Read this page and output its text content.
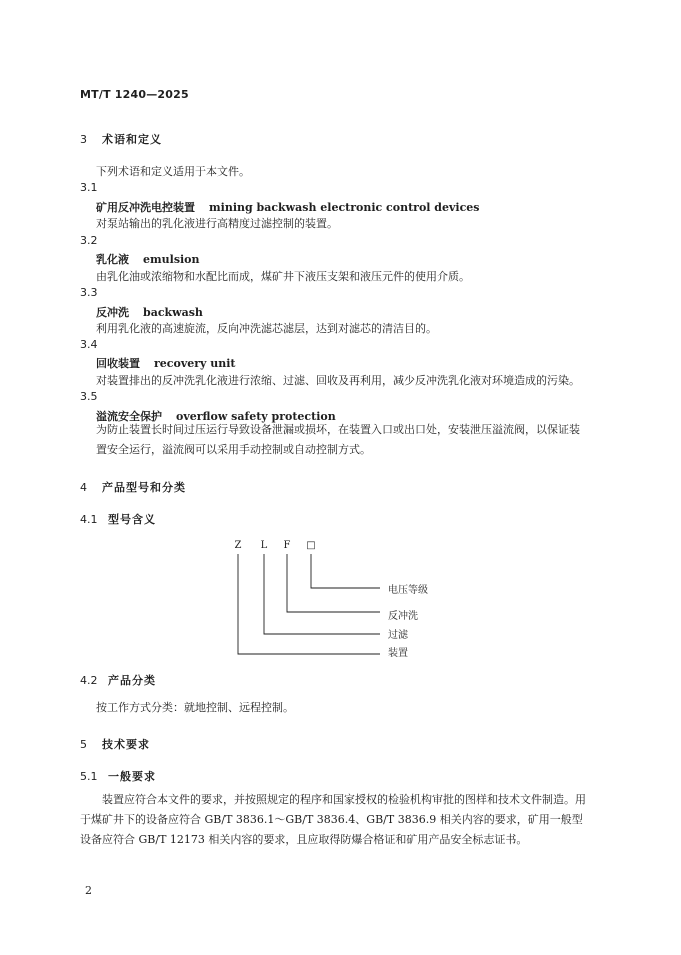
MT/T 1240—2025
3 术语和定义
下列术语和定义适用于本文件。
3.1
矿用反冲洗电控装置 mining backwash electronic control devices
对泵站输出的乳化液进行高精度过滤控制的装置。
3.2
乳化液 emulsion
由乳化油或浓缩物和水配比而成，煤矿井下液压支架和液压元件的使用介质。
3.3
反冲洗 backwash
利用乳化液的高速旋流，反向冲洗滤芯滤层，达到对滤芯的清洁目的。
3.4
回收装置 recovery unit
对装置排出的反冲洗乳化液进行浓缩、过滤、回收及再利用，减少反冲洗乳化液对环境造成的污染。
3.5
溢流安全保护 overflow safety protection
为防止装置长时间过压运行导致设备泄漏或损坏，在装置入口或出口处，安装泄压溢流阀，以保证装置安全运行，溢流阀可以采用手动控制或自动控制方式。
4 产品型号和分类
4.1 型号含义
Z L F □
电压等级
反冲洗
过滤
装置
4.2 产品分类
按工作方式分类：就地控制、远程控制。
5 技术要求
5.1 一般要求
装置应符合本文件的要求，并按照规定的程序和国家授权的检验机构审批的图样和技术文件制造。用于煤矿井下的设备应符合 GB/T 3836.1～GB/T 3836.4、GB/T 3836.9 相关内容的要求，矿用一般型设备应符合 GB/T 12173 相关内容的要求，且应取得防爆合格证和矿用产品安全标志证书。
2
